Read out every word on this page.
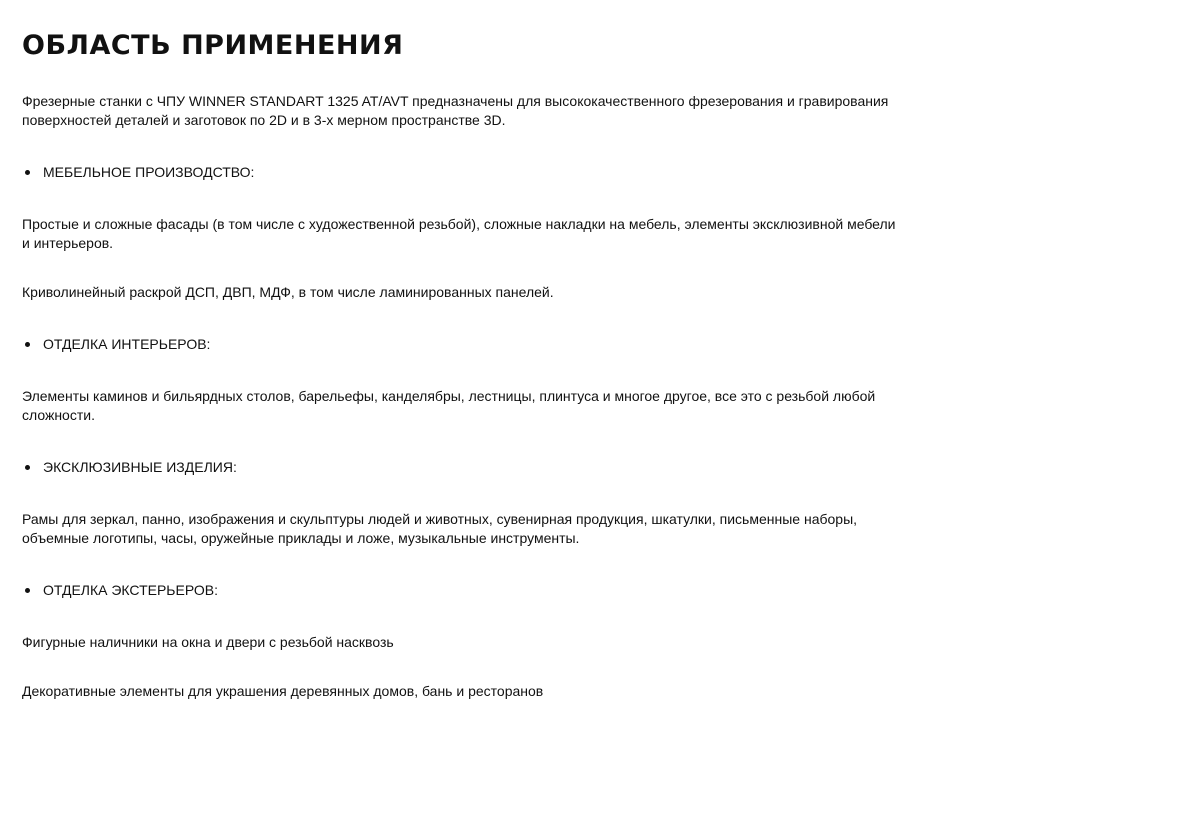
ОБЛАСТЬ ПРИМЕНЕНИЯ

Фрезерные станки с ЧПУ WINNER STANDART 1325 AT/AVT предназначены для высококачественного фрезерования и гравирования поверхностей деталей и заготовок по 2D и в 3-х мерном пространстве 3D.

МЕБЕЛЬНОЕ ПРОИЗВОДСТВО:

Простые и сложные фасады (в том числе с художественной резьбой), сложные накладки на мебель, элементы эксклюзивной мебели и интерьеров.

Криволинейный раскрой ДСП, ДВП, МДФ, в том числе ламинированных панелей.

ОТДЕЛКА ИНТЕРЬЕРОВ:

Элементы каминов и бильярдных столов, барельефы, канделябры, лестницы, плинтуса и многое другое, все это с резьбой любой сложности.

ЭКСКЛЮЗИВНЫЕ ИЗДЕЛИЯ:

Рамы для зеркал, панно, изображения и скульптуры людей и животных, сувенирная продукция, шкатулки, письменные наборы, объемные логотипы, часы, оружейные приклады и ложе, музыкальные инструменты.

ОТДЕЛКА ЭКСТЕРЬЕРОВ:

Фигурные наличники на окна и двери с резьбой насквозь

Декоративные элементы для украшения деревянных домов, бань и ресторанов
